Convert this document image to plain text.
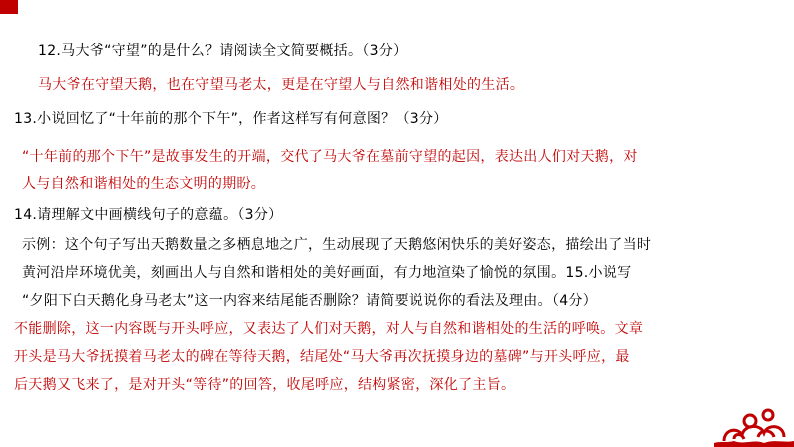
12.马大爷“守望”的是什么？请阅读全文简要概括。（3分）
马大爷在守望天鹅，也在守望马老太，更是在守望人与自然和谐相处的生活。
13.小说回忆了“十年前的那个下午”，作者这样写有何意图？（3分）
“十年前的那个下午”是故事发生的开端，交代了马大爷在墓前守望的起因，表达出人们对天鹅，对
人与自然和谐相处的生态文明的期盼。
14.请理解文中画横线句子的意蕴。（3分）
示例：这个句子写出天鹅数量之多栖息地之广，生动展现了天鹅悠闲快乐的美好姿态，描绘出了当时
黄河沿岸环境优美，刻画出人与自然和谐相处的美好画面，有力地渲染了愉悦的氛围。15.小说写
“夕阳下白天鹅化身马老太”这一内容来结尾能否删除？请简要说说你的看法及理由。（4分）
不能删除，这一内容既与开头呼应，又表达了人们对天鹅，对人与自然和谐相处的生活的呼唤。文章
开头是马大爷抚摸着马老太的碑在等待天鹅，结尾处“马大爷再次抚摸身边的墓碑”与开头呼应，最
后天鹅又飞来了，是对开头“等待”的回答，收尾呼应，结构紧密，深化了主旨。
